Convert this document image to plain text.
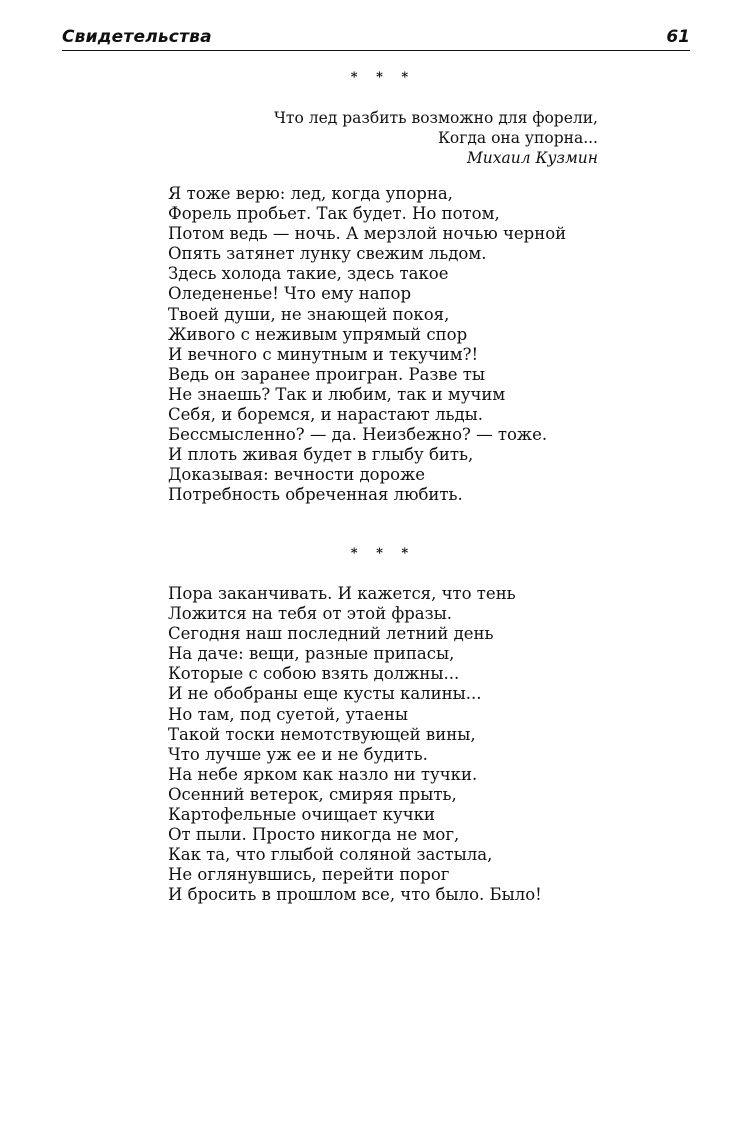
Свидетельства	61
* * *
Что лед разбить возможно для форели,
Когда она упорна...
Михаил Кузмин
Я тоже верю: лед, когда упорна,
Форель пробьет. Так будет. Но потом,
Потом ведь — ночь. А мерзлой ночью черной
Опять затянет лунку свежим льдом.
Здесь холода такие, здесь такое
Оледененье! Что ему напор
Твоей души, не знающей покоя,
Живого с неживым упрямый спор
И вечного с минутным и текучим?!
Ведь он заранее проигран. Разве ты
Не знаешь? Так и любим, так и мучим
Себя, и боремся, и нарастают льды.
Бессмысленно? — да. Неизбежно? — тоже.
И плоть живая будет в глыбу бить,
Доказывая: вечности дороже
Потребность обреченная любить.
* * *
Пора заканчивать. И кажется, что тень
Ложится на тебя от этой фразы.
Сегодня наш последний летний день
На даче: вещи, разные припасы,
Которые с собою взять должны...
И не обобраны еще кусты калины...
Но там, под суетой, утаены
Такой тоски немотствующей вины,
Что лучше уж ее и не будить.
На небе ярком как назло ни тучки.
Осенний ветерок, смиряя прыть,
Картофельные очищает кучки
От пыли. Просто никогда не мог,
Как та, что глыбой соляной застыла,
Не оглянувшись, перейти порог
И бросить в прошлом все, что было. Было!
